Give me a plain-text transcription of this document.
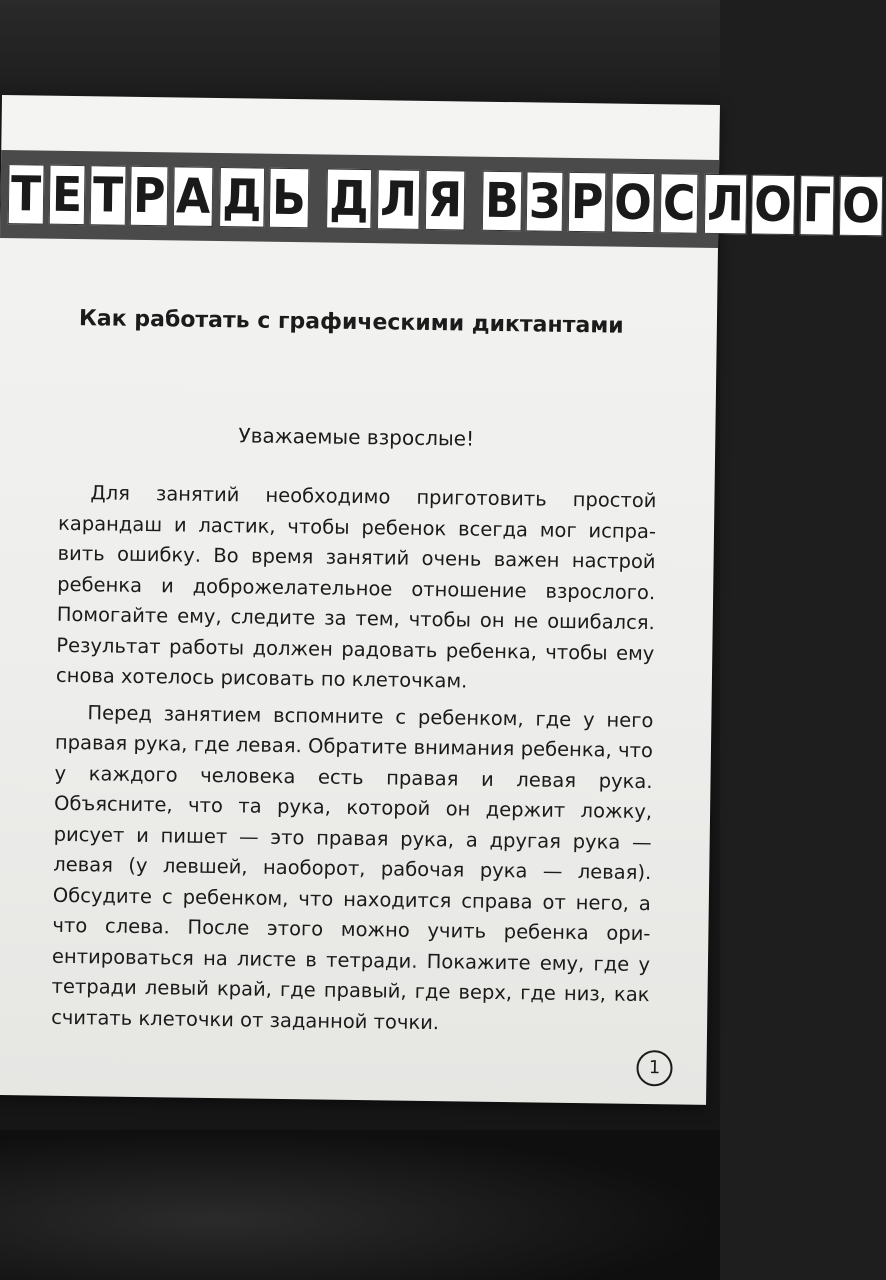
Т Е Т Р А Д Ь Д Л Я В З Р О С Л О Г О
Как работать с графическими диктантами
Уважаемые взрослые!

Для занятий необходимо приготовить простой карандаш и ластик, чтобы ребенок всегда мог исправить ошибку. Во время занятий очень важен настрой ребенка и доброжелательное отношение взрослого. Помогайте ему, следите за тем, чтобы он не ошибался. Результат работы должен радовать ребенка, чтобы ему снова хотелось рисовать по клеточкам.

Перед занятием вспомните с ребенком, где у него правая рука, где левая. Обратите внимания ребенка, что у каждого человека есть правая и левая рука. Объясните, что та рука, которой он держит ложку, рисует и пишет — это правая рука, а другая рука — левая (у левшей, наоборот, рабочая рука — левая). Обсудите с ребенком, что находится справа от него, а что слева. После этого можно учить ребенка ориентироваться на листе в тетради. Покажите ему, где у тетради левый край, где правый, где верх, где низ, как считать клеточки от заданной точки.

1
